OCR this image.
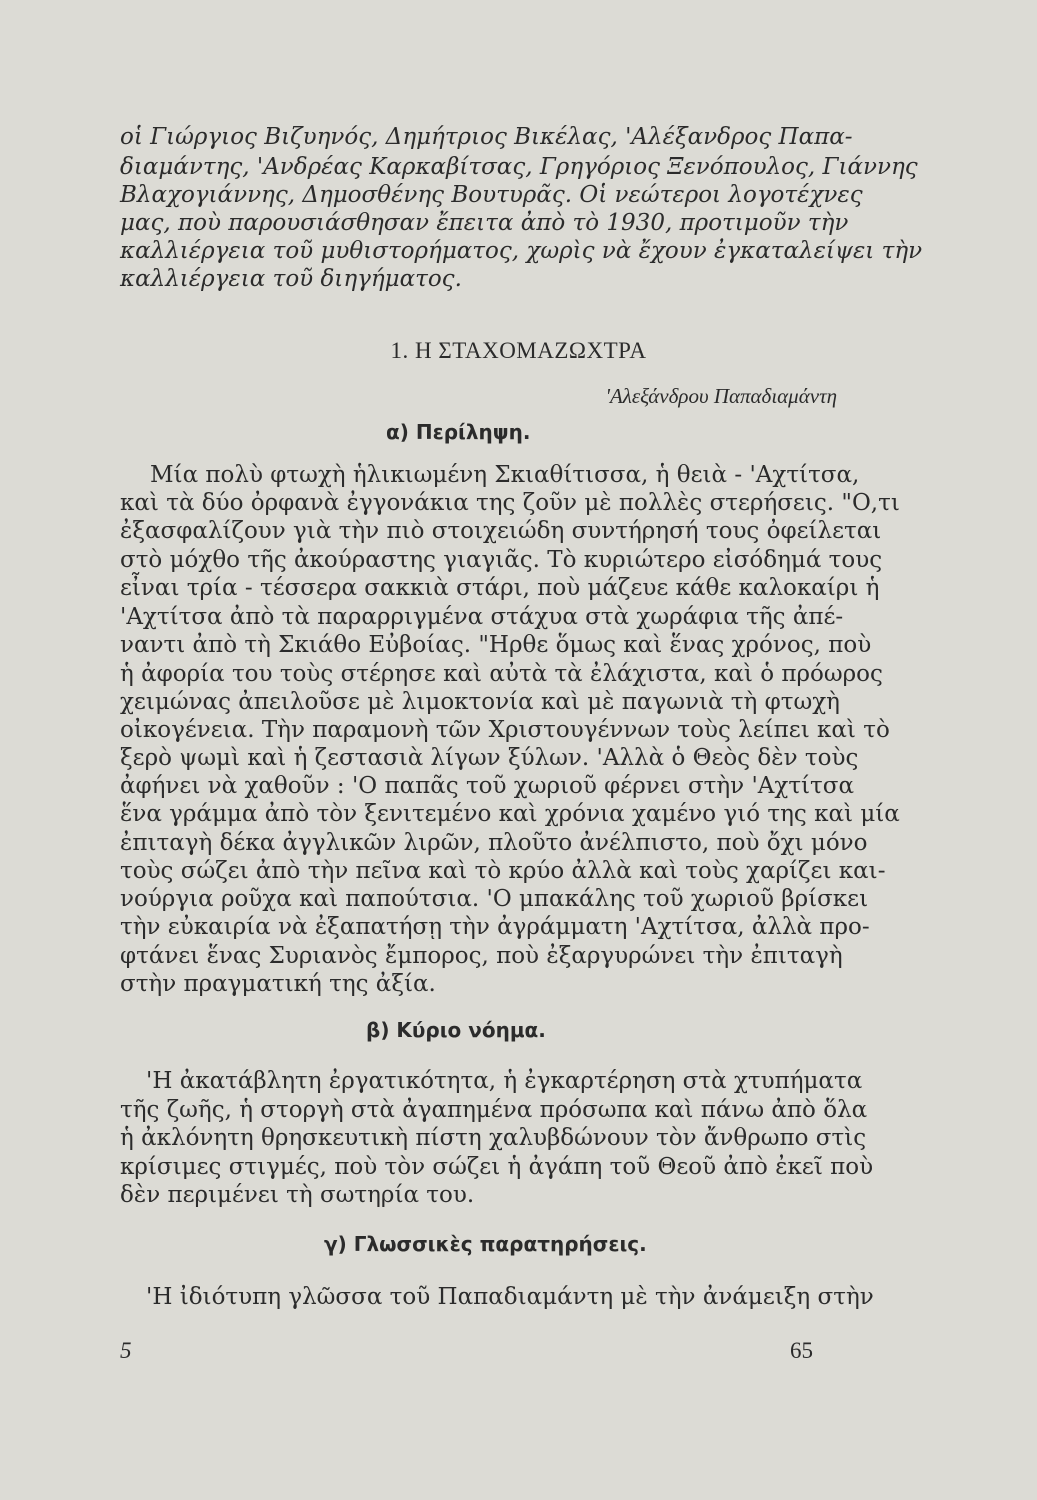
οἱ Γιώργιος Βιζυηνός, Δημήτριος Βικέλας, 'Αλέξανδρος Παπα-
διαμάντης, 'Ανδρέας Καρκαβίτσας, Γρηγόριος Ξενόπουλος, Γιάννης
Βλαχογιάννης, Δημοσθένης Βουτυρᾶς. Οἱ νεώτεροι λογοτέχνες
μας, ποὺ παρουσιάσθησαν ἔπειτα ἀπὸ τὸ 1930, προτιμοῦν τὴν
καλλιέργεια τοῦ μυθιστορήματος, χωρὶς νὰ ἔχουν ἐγκαταλείψει τὴν
καλλιέργεια τοῦ διηγήματος.
1. Η ΣΤΑΧΟΜΑΖΩΧΤΡΑ
'Αλεξάνδρου Παπαδιαμάντη
α) Περίληψη.
Μία πολὺ φτωχὴ ἡλικιωμένη Σκιαθίτισσα, ἡ θειὰ - 'Αχτίτσα,
καὶ τὰ δύο ὀρφανὰ ἐγγονάκια της ζοῦν μὲ πολλὲς στερήσεις. "Ο,τι
ἐξασφαλίζουν γιὰ τὴν πιὸ στοιχειώδη συντήρησή τους ὀφείλεται
στὸ μόχθο τῆς ἀκούραστης γιαγιᾶς. Τὸ κυριώτερο εἰσόδημά τους
εἶναι τρία - τέσσερα σακκιὰ στάρι, ποὺ μάζευε κάθε καλοκαίρι ἡ
'Αχτίτσα ἀπὸ τὰ παραρριγμένα στάχυα στὰ χωράφια τῆς ἀπέ-
ναντι ἀπὸ τὴ Σκιάθο Εὐβοίας. "Ηρθε ὅμως καὶ ἕνας χρόνος, ποὺ
ἡ ἀφορία του τοὺς στέρησε καὶ αὐτὰ τὰ ἐλάχιστα, καὶ ὁ πρόωρος
χειμώνας ἀπειλοῦσε μὲ λιμοκτονία καὶ μὲ παγωνιὰ τὴ φτωχὴ
οἰκογένεια. Τὴν παραμονὴ τῶν Χριστουγέννων τοὺς λείπει καὶ τὸ
ξερὸ ψωμὶ καὶ ἡ ζεστασιὰ λίγων ξύλων. 'Αλλὰ ὁ Θεὸς δὲν τοὺς
ἀφήνει νὰ χαθοῦν : 'Ο παπᾶς τοῦ χωριοῦ φέρνει στὴν 'Αχτίτσα
ἕνα γράμμα ἀπὸ τὸν ξενιτεμένο καὶ χρόνια χαμένο γιό της καὶ μία
ἐπιταγὴ δέκα ἀγγλικῶν λιρῶν, πλοῦτο ἀνέλπιστο, ποὺ ὄχι μόνο
τοὺς σώζει ἀπὸ τὴν πεῖνα καὶ τὸ κρύο ἀλλὰ καὶ τοὺς χαρίζει και-
νούργια ροῦχα καὶ παπούτσια. 'Ο μπακάλης τοῦ χωριοῦ βρίσκει
τὴν εὐκαιρία νὰ ἐξαπατήσῃ τὴν ἀγράμματη 'Αχτίτσα, ἀλλὰ προ-
φτάνει ἕνας Συριανὸς ἔμπορος, ποὺ ἐξαργυρώνει τὴν ἐπιταγὴ
στὴν πραγματική της ἀξία.
β) Κύριο νόημα.
'Η ἀκατάβλητη ἐργατικότητα, ἡ ἐγκαρτέρηση στὰ χτυπήματα
τῆς ζωῆς, ἡ στοργὴ στὰ ἀγαπημένα πρόσωπα καὶ πάνω ἀπὸ ὅλα
ἡ ἀκλόνητη θρησκευτικὴ πίστη χαλυβδώνουν τὸν ἄνθρωπο στὶς
κρίσιμες στιγμές, ποὺ τὸν σώζει ἡ ἀγάπη τοῦ Θεοῦ ἀπὸ ἐκεῖ ποὺ
δὲν περιμένει τὴ σωτηρία του.
γ) Γλωσσικὲς παρατηρήσεις.
'Η ἰδιότυπη γλῶσσα τοῦ Παπαδιαμάντη μὲ τὴν ἀνάμειξη στὴν
5	65
